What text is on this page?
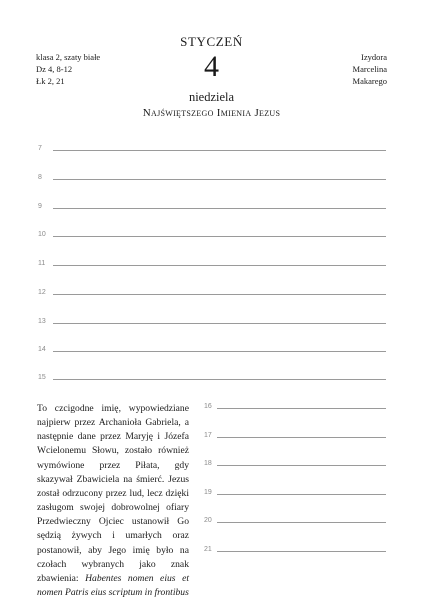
klasa 2, szaty białe
Dz 4, 8-12
Łk 2, 21
STYCZEŃ
4
niedziela
Najświętszego Imienia Jezus
Izydora
Marcelina
Makarego
7
8
9
10
11
12
13
14
15
To czcigodne imię, wypowiedziane najpierw przez Archanioła Gabriela, a następnie dane przez Maryję i Józefa Wcielonemu Słowu, zostało również wymówione przez Piłata, gdy skazywał Zbawiciela na śmierć. Jezus został odrzucony przez lud, lecz dzięki zasługom swojej dobrowolnej ofiary Przedwieczny Ojciec ustanowił Go sędzią żywych i umarłych oraz postanowił, aby Jego imię było na czołach wybranych jako znak zbawienia: Habentes nomen eius et nomen Patris eius scriptum in frontibus
16
17
18
19
20
21
